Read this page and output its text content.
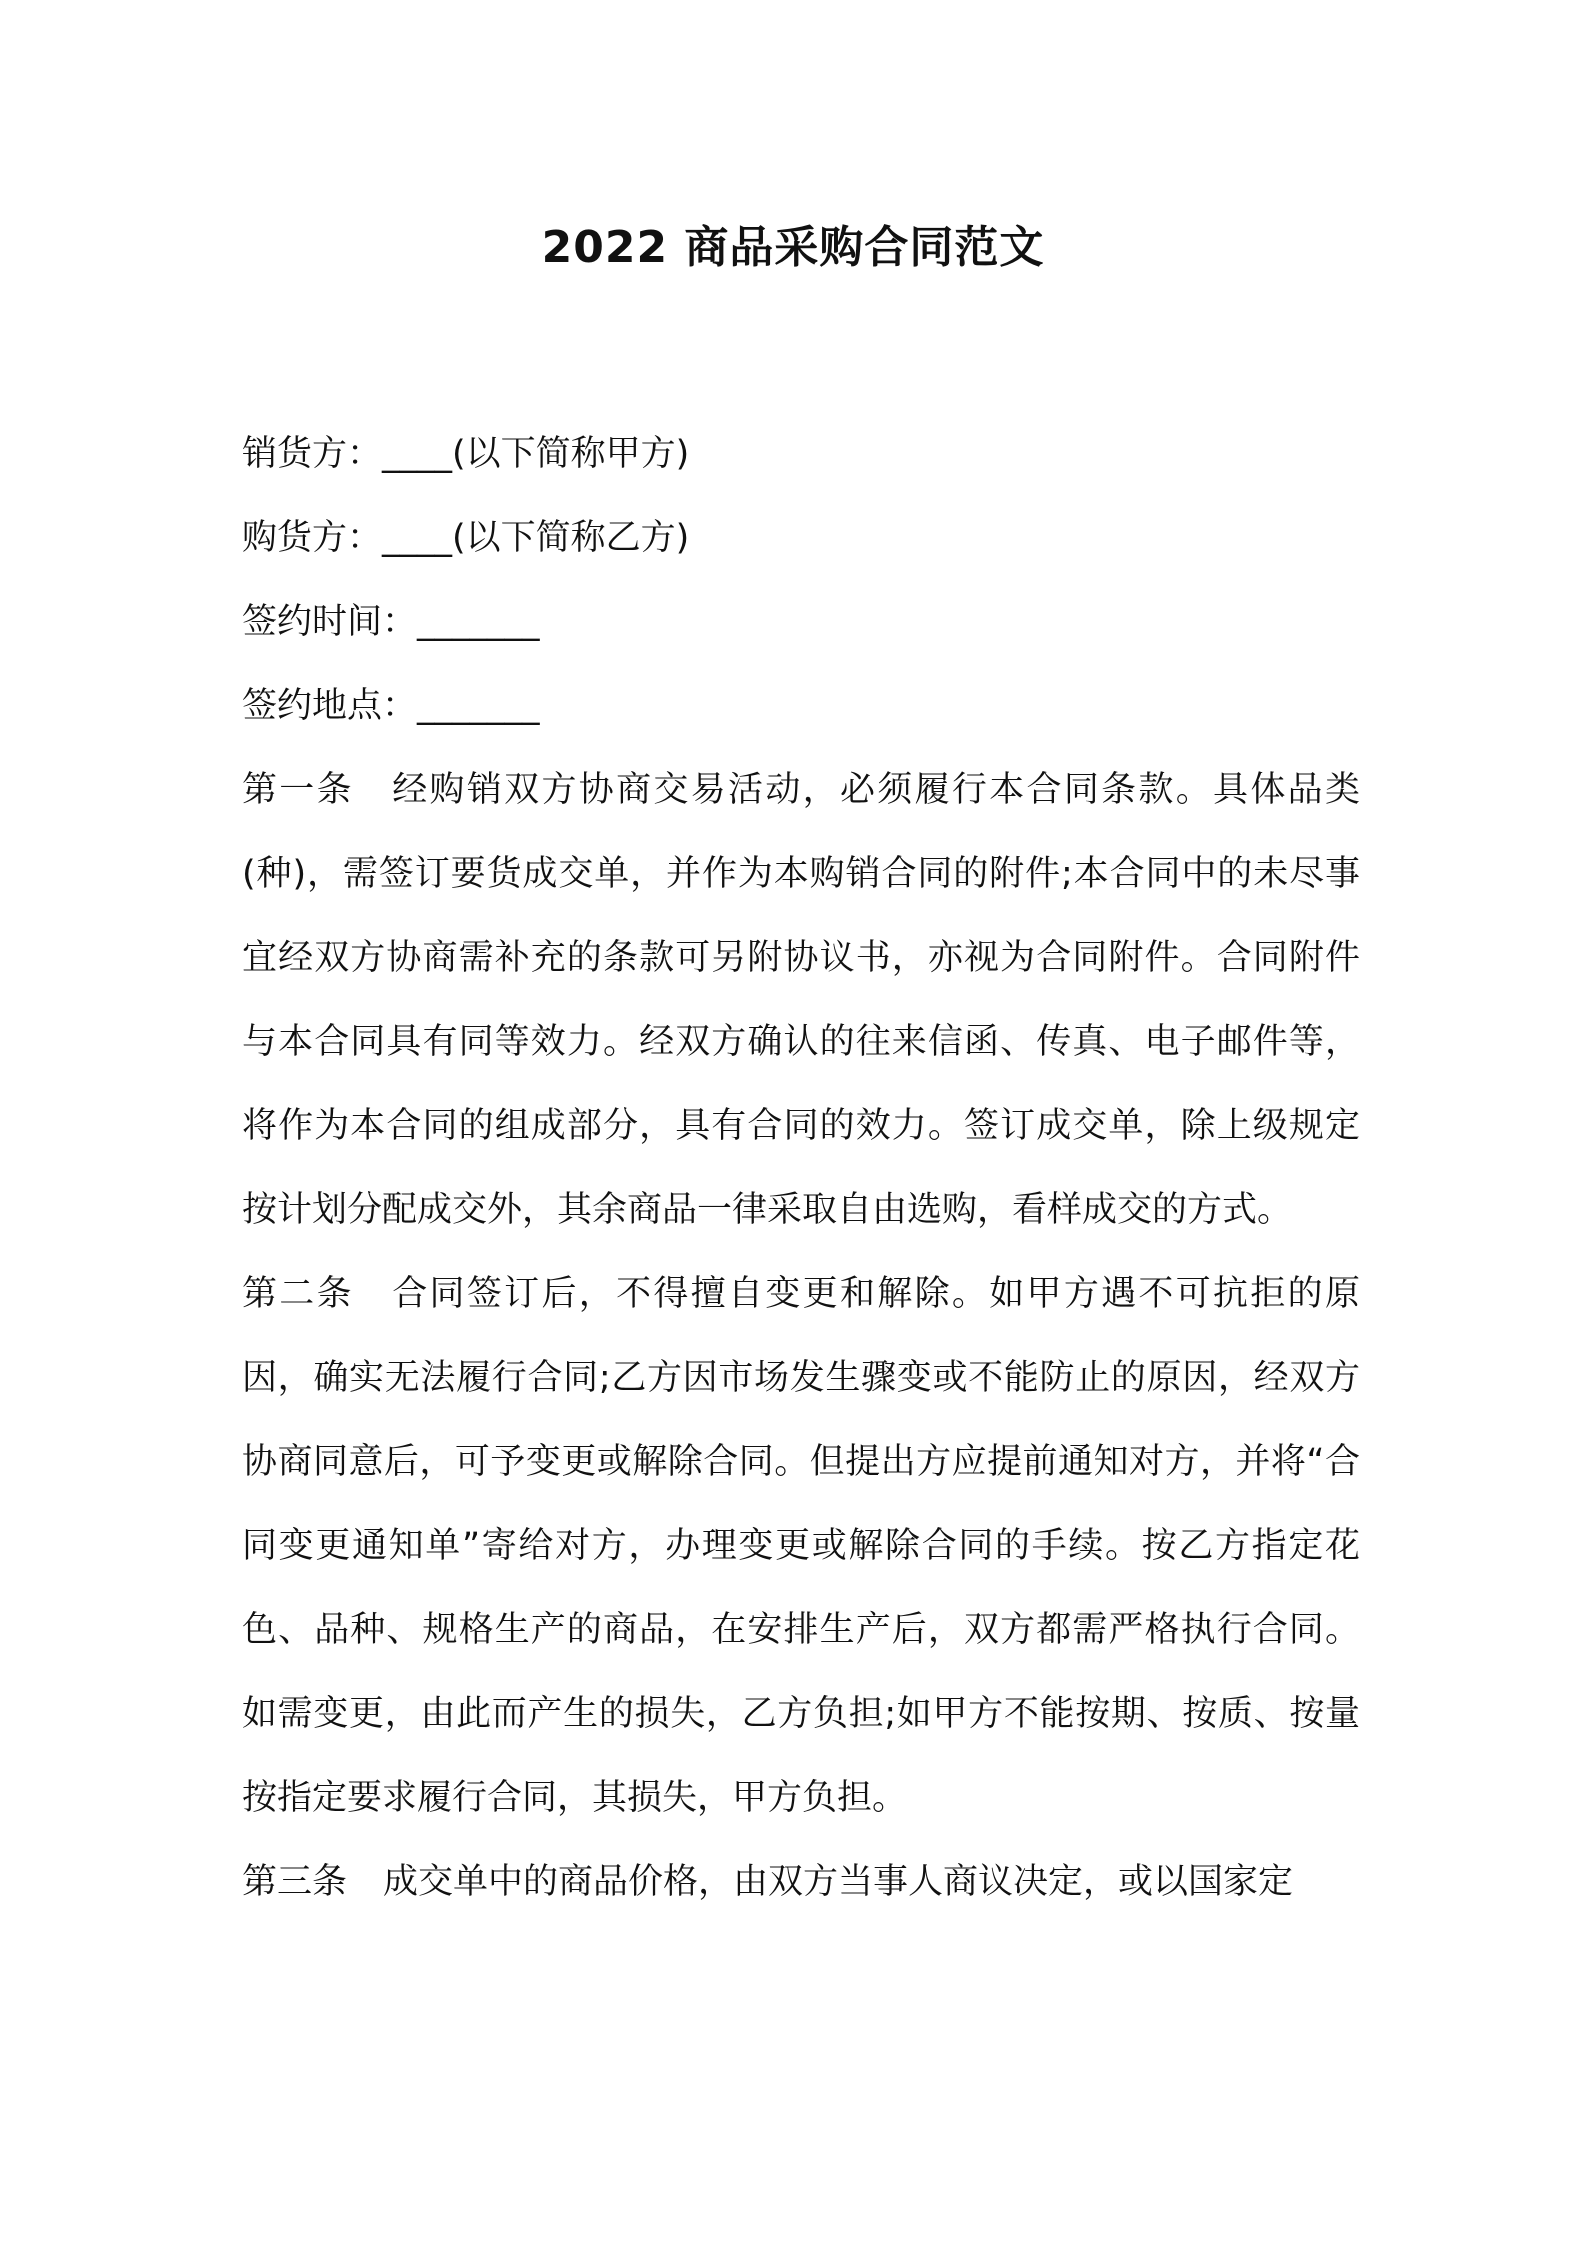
2022 商品采购合同范文
销货方：____(以下简称甲方)
购货方：____(以下简称乙方)
签约时间：_______
签约地点：_______
第一条 经购销双方协商交易活动，必须履行本合同条款。具体品类(种)，需签订要货成交单，并作为本购销合同的附件;本合同中的未尽事宜经双方协商需补充的条款可另附协议书，亦视为合同附件。合同附件与本合同具有同等效力。经双方确认的往来信函、传真、电子邮件等，将作为本合同的组成部分，具有合同的效力。签订成交单，除上级规定按计划分配成交外，其余商品一律采取自由选购，看样成交的方式。
第二条 合同签订后，不得擅自变更和解除。如甲方遇不可抗拒的原因，确实无法履行合同;乙方因市场发生骤变或不能防止的原因，经双方协商同意后，可予变更或解除合同。但提出方应提前通知对方，并将“合同变更通知单”寄给对方，办理变更或解除合同的手续。按乙方指定花色、品种、规格生产的商品，在安排生产后，双方都需严格执行合同。如需变更，由此而产生的损失，乙方负担;如甲方不能按期、按质、按量按指定要求履行合同，其损失，甲方负担。
第三条 成交单中的商品价格，由双方当事人商议决定，或以国家定
